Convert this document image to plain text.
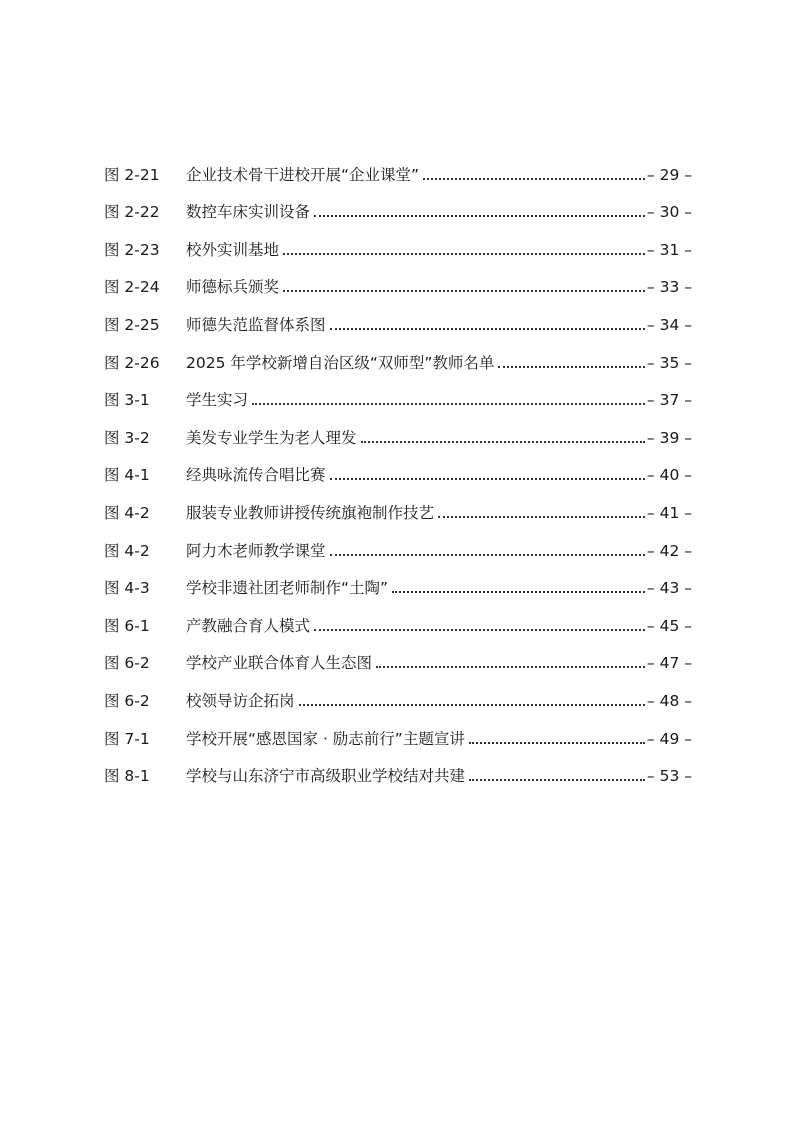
图 2-21	企业技术骨干进校开展“企业课堂”	– 29 –
图 2-22	数控车床实训设备	– 30 –
图 2-23	校外实训基地	– 31 –
图 2-24	师德标兵颁奖	– 33 –
图 2-25	师德失范监督体系图	– 34 –
图 2-26	2025 年学校新增自治区级“双师型”教师名单	– 35 –
图 3-1	学生实习	– 37 –
图 3-2	美发专业学生为老人理发	– 39 –
图 4-1	经典咏流传合唱比赛	– 40 –
图 4-2	服装专业教师讲授传统旗袍制作技艺	– 41 –
图 4-2	阿力木老师教学课堂	– 42 –
图 4-3	学校非遗社团老师制作“土陶”	– 43 –
图 6-1	产教融合育人模式	– 45 –
图 6-2	学校产业联合体育人生态图	– 47 –
图 6-2	校领导访企拓岗	– 48 –
图 7-1	学校开展“感恩国家 · 励志前行”主题宣讲	– 49 –
图 8-1	学校与山东济宁市高级职业学校结对共建	– 53 –
